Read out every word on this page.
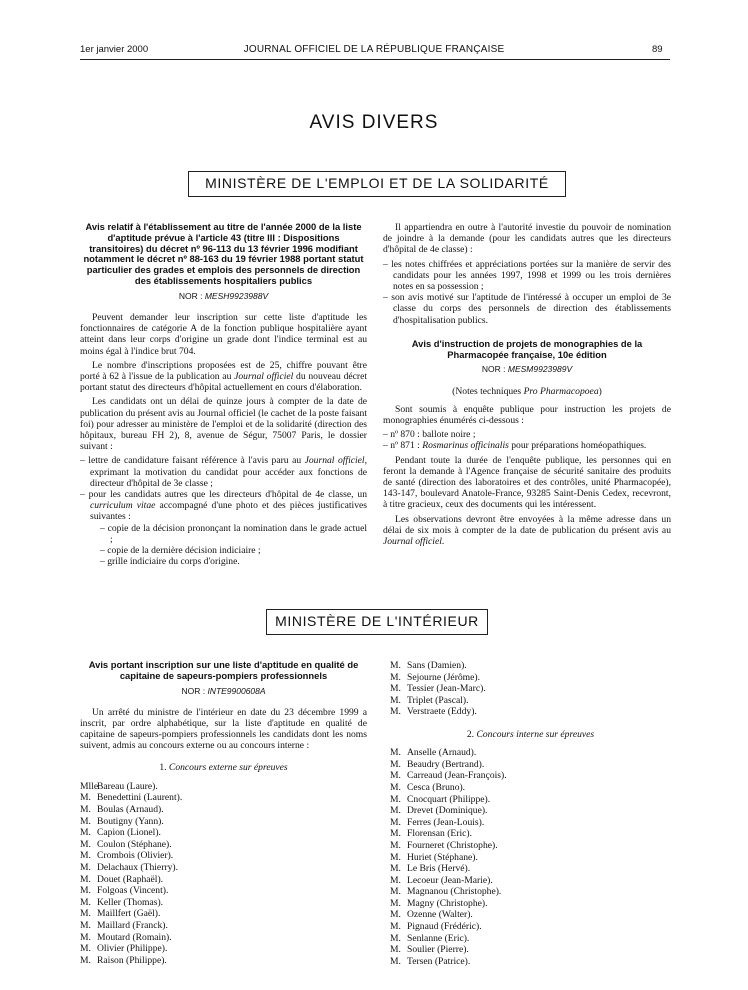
JOURNAL OFFICIEL DE LA RÉPUBLIQUE FRANÇAISE
1er janvier 2000	89
AVIS DIVERS
MINISTÈRE DE L'EMPLOI ET DE LA SOLIDARITÉ
Avis relatif à l'établissement au titre de l'année 2000 de la liste d'aptitude prévue à l'article 43 (titre III : Dispositions transitoires) du décret nº 96-113 du 13 février 1996 modifiant notamment le décret nº 88-163 du 19 février 1988 portant statut particulier des grades et emplois des personnels de direction des établissements hospitaliers publics
NOR : MESH9923988V

Peuvent demander leur inscription sur cette liste d'aptitude les fonctionnaires de catégorie A de la fonction publique hospitalière ayant atteint dans leur corps d'origine un grade dont l'indice terminal est au moins égal à l'indice brut 704.

Le nombre d'inscriptions proposées est de 25, chiffre pouvant être porté à 62 à l'issue de la publication au Journal officiel du nouveau décret portant statut des directeurs d'hôpital actuellement en cours d'élaboration.

Les candidats ont un délai de quinze jours à compter de la date de publication du présent avis au Journal officiel (le cachet de la poste faisant foi) pour adresser au ministère de l'emploi et de la solidarité (direction des hôpitaux, bureau FH 2), 8, avenue de Ségur, 75007 Paris, le dossier suivant :

– lettre de candidature faisant référence à l'avis paru au Journal officiel, exprimant la motivation du candidat pour accéder aux fonctions de directeur d'hôpital de 3e classe ;
– pour les candidats autres que les directeurs d'hôpital de 4e classe, un curriculum vitae accompagné d'une photo et des pièces justificatives suivantes :
– copie de la décision prononçant la nomination dans le grade actuel ;
– copie de la dernière décision indiciaire ;
– grille indiciaire du corps d'origine.

Il appartiendra en outre à l'autorité investie du pouvoir de nomination de joindre à la demande (pour les candidats autres que les directeurs d'hôpital de 4e classe) :

– les notes chiffrées et appréciations portées sur la manière de servir des candidats pour les années 1997, 1998 et 1999 ou les trois dernières notes en sa possession ;
– son avis motivé sur l'aptitude de l'intéressé à occuper un emploi de 3e classe du corps des personnels de direction des établissements d'hospitalisation publics.
Avis d'instruction de projets de monographies de la Pharmacopée française, 10e édition
NOR : MESM9923989V

(Notes techniques Pro Pharmacopoea)

Sont soumis à enquête publique pour instruction les projets de monographies énumérés ci-dessous :

– nº 870 : ballote noire ;
– nº 871 : Rosmarinus officinalis pour préparations homéopathiques.

Pendant toute la durée de l'enquête publique, les personnes qui en feront la demande à l'Agence française de sécurité sanitaire des produits de santé (direction des laboratoires et des contrôles, unité Pharmacopée), 143-147, boulevard Anatole-France, 93285 Saint-Denis Cedex, recevront, à titre gracieux, ceux des documents qui les intéressent.

Les observations devront être envoyées à la même adresse dans un délai de six mois à compter de la date de publication du présent avis au Journal officiel.

MINISTÈRE DE L'INTÉRIEUR
Avis portant inscription sur une liste d'aptitude en qualité de capitaine de sapeurs-pompiers professionnels
NOR : INTE9900608A

Un arrêté du ministre de l'intérieur en date du 23 décembre 1999 a inscrit, par ordre alphabétique, sur la liste d'aptitude en qualité de capitaine de sapeurs-pompiers professionnels les candidats dont les noms suivent, admis au concours externe ou au concours interne :

1. Concours externe sur épreuves

MlleBareau (Laure).
M. Benedettini (Laurent).
M. Boulas (Arnaud).
M. Boutigny (Yann).
M. Capion (Lionel).
M. Coulon (Stéphane).
M. Crombois (Olivier).
M. Delachaux (Thierry).
M. Douet (Raphaël).
M. Folgoas (Vincent).
M. Keller (Thomas).
M. Maillfert (Gaël).
M. Maillard (Franck).
M. Moutard (Romain).
M. Olivier (Philippe).
M. Raison (Philippe).
M. Sans (Damien).
M. Sejourne (Jérôme).
M. Tessier (Jean-Marc).
M. Triplet (Pascal).
M. Verstraete (Eddy).

2. Concours interne sur épreuves

M. Anselle (Arnaud).
M. Beaudry (Bertrand).
M. Carreaud (Jean-François).
M. Cesca (Bruno).
M. Cnocquart (Philippe).
M. Drevet (Dominique).
M. Ferres (Jean-Louis).
M. Florensan (Eric).
M. Fourneret (Christophe).
M. Huriet (Stéphane).
M. Le Bris (Hervé).
M. Lecoeur (Jean-Marie).
M. Magnanou (Christophe).
M. Magny (Christophe).
M. Ozenne (Walter).
M. Pignaud (Frédéric).
M. Senlanne (Eric).
M. Soulier (Pierre).
M. Tersen (Patrice).
